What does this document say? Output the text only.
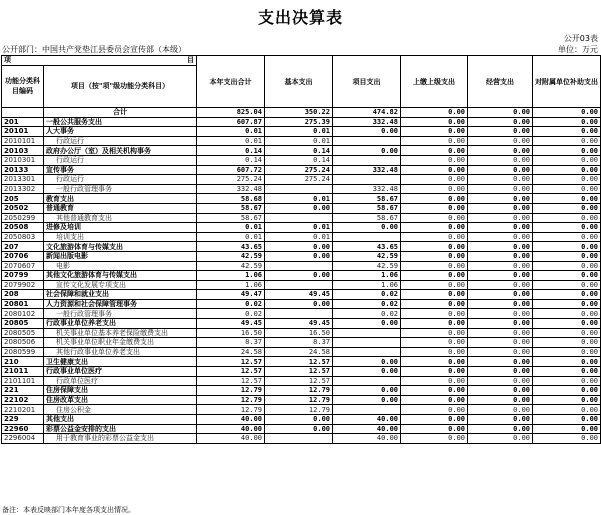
支出决算表
公开03表
公开部门：中国共产党垫江县委员会宣传部（本级）	单位：万元
项 目		本年支出合计	基本支出	项目支出	上缴上级支出	经营支出	对附属单位补助支出
功能分类科目编码	项目（按"项"级功能分类科目）						
	合计	825.04	350.22	474.82	0.00	0.00	0.00
201	一般公共服务支出	607.87	275.39	332.48	0.00	0.00	0.00
20101	人大事务	0.01	0.01	0.00	0.00	0.00	0.00
2010101	行政运行	0.01	0.01		0.00	0.00	0.00
20103	政府办公厅（室）及相关机构事务	0.14	0.14	0.00	0.00	0.00	0.00
2010301	行政运行	0.14	0.14		0.00	0.00	0.00
20133	宣传事务	607.72	275.24	332.48	0.00	0.00	0.00
2013301	行政运行	275.24	275.24		0.00	0.00	0.00
2013302	一般行政管理事务	332.48		332.48	0.00	0.00	0.00
205	教育支出	58.68	0.01	58.67	0.00	0.00	0.00
20502	普通教育	58.67	0.00	58.67	0.00	0.00	0.00
2050299	其他普通教育支出	58.67		58.67	0.00	0.00	0.00
20508	进修及培训	0.01	0.01	0.00	0.00	0.00	0.00
2050803	培训支出	0.01	0.01		0.00	0.00	0.00
207	文化旅游体育与传媒支出	43.65	0.00	43.65	0.00	0.00	0.00
20706	新闻出版电影	42.59	0.00	42.59	0.00	0.00	0.00
2070607	电影	42.59		42.59	0.00	0.00	0.00
20799	其他文化旅游体育与传媒支出	1.06	0.00	1.06	0.00	0.00	0.00
2079902	宣传文化发展专项支出	1.06		1.06	0.00	0.00	0.00
208	社会保障和就业支出	49.47	49.45	0.02	0.00	0.00	0.00
20801	人力资源和社会保障管理事务	0.02	0.00	0.02	0.00	0.00	0.00
2080102	一般行政管理事务	0.02		0.02	0.00	0.00	0.00
20805	行政事业单位养老支出	49.45	49.45	0.00	0.00	0.00	0.00
2080505	机关事业单位基本养老保险缴费支出	16.50	16.50		0.00	0.00	0.00
2080506	机关事业单位职业年金缴费支出	8.37	8.37		0.00	0.00	0.00
2080599	其他行政事业单位养老支出	24.58	24.58		0.00	0.00	0.00
210	卫生健康支出	12.57	12.57	0.00	0.00	0.00	0.00
21011	行政事业单位医疗	12.57	12.57	0.00	0.00	0.00	0.00
2101101	行政单位医疗	12.57	12.57		0.00	0.00	0.00
221	住房保障支出	12.79	12.79	0.00	0.00	0.00	0.00
22102	住房改革支出	12.79	12.79	0.00	0.00	0.00	0.00
2210201	住房公积金	12.79	12.79		0.00	0.00	0.00
229	其他支出	40.00	0.00	40.00	0.00	0.00	0.00
22960	彩票公益金安排的支出	40.00	0.00	40.00	0.00	0.00	0.00
2296004	用于教育事业的彩票公益金支出	40.00		40.00	0.00	0.00	0.00
备注：本表反映部门本年度各项支出情况。
